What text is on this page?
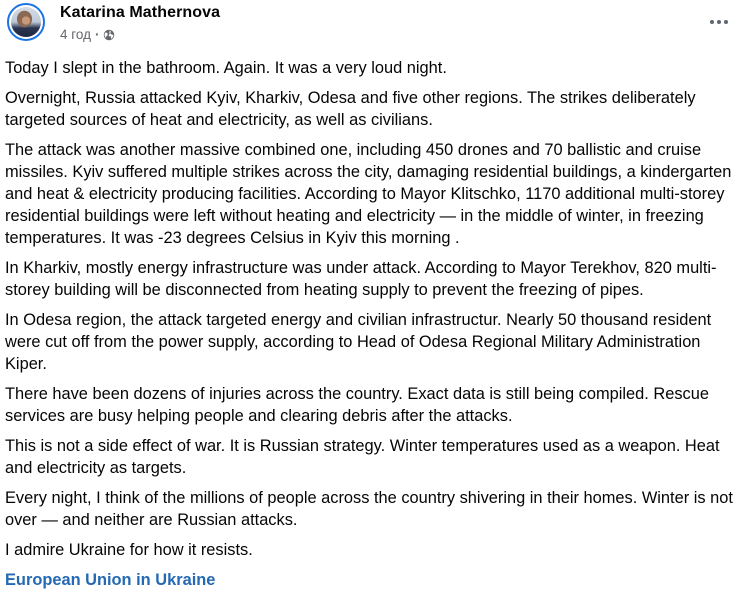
Katarina Mathernova
4 год ·

Today I slept in the bathroom. Again. It was a very loud night.

Overnight, Russia attacked Kyiv, Kharkiv, Odesa and five other regions. The strikes deliberately targeted sources of heat and electricity, as well as civilians.

The attack was another massive combined one, including 450 drones and 70 ballistic and cruise missiles. Kyiv suffered multiple strikes across the city, damaging residential buildings, a kindergarten and heat & electricity producing facilities. According to Mayor Klitschko, 1170 additional multi-storey residential buildings were left without heating and electricity — in the middle of winter, in freezing temperatures. It was -23 degrees Celsius in Kyiv this morning .

In Kharkiv, mostly energy infrastructure was under attack. According to Mayor Terekhov, 820 multi-storey building will be disconnected from heating supply to prevent the freezing of pipes.

In Odesa region, the attack targeted energy and civilian infrastructur. Nearly 50 thousand resident were cut off from the power supply, according to Head of Odesa Regional Military Administration Kiper.

There have been dozens of injuries across the country. Exact data is still being compiled. Rescue services are busy helping people and clearing debris after the attacks.

This is not a side effect of war. It is Russian strategy. Winter temperatures used as a weapon. Heat and electricity as targets.

Every night, I think of the millions of people across the country shivering in their homes. Winter is not over — and neither are Russian attacks.

I admire Ukraine for how it resists.

European Union in Ukraine
